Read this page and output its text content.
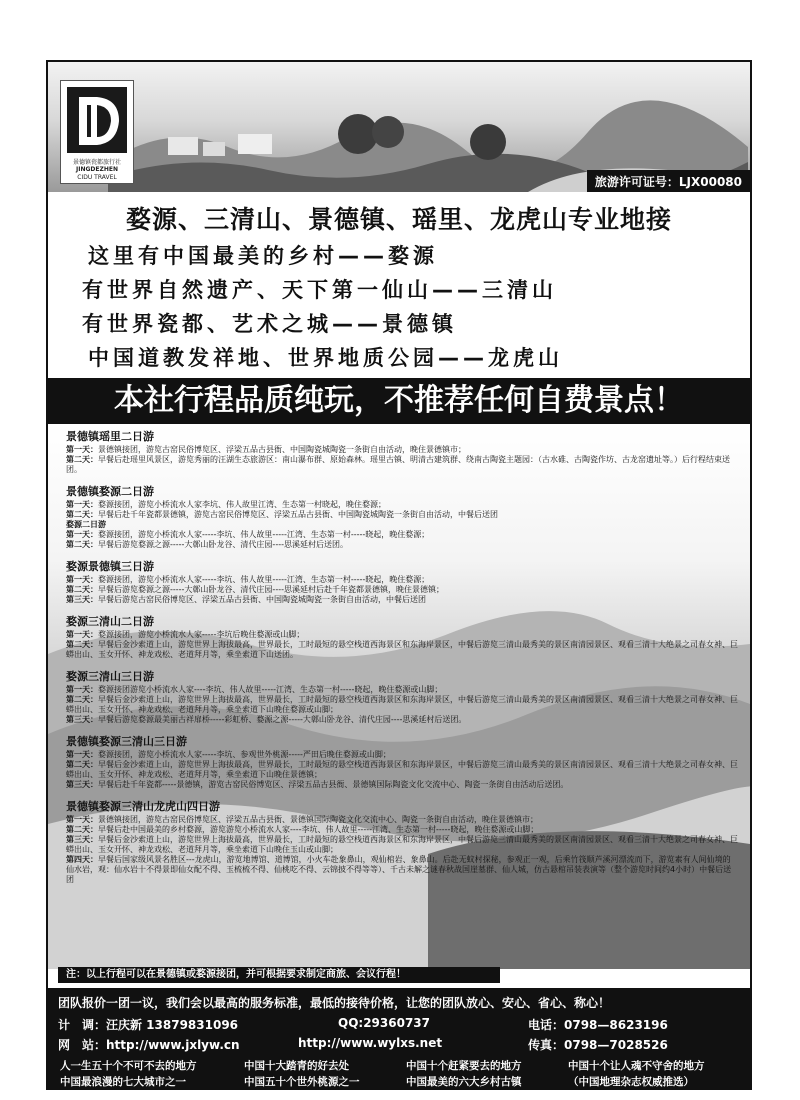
景德镇瓷都旅行社
JINGDEZHEN
CIDU TRAVEL	旅游许可证号：LJX00080
婺源、三清山、景德镇、瑶里、龙虎山专业地接
这里有中国最美的乡村——婺源
有世界自然遗产、天下第一仙山——三清山
有世界瓷都、艺术之城——景德镇
中国道教发祥地、世界地质公园——龙虎山
本社行程品质纯玩，不推荐任何自费景点！
景德镇瑶里二日游

第一天：景德镇接团，游览古窑民俗博览区、浮梁五品古县衙、中国陶瓷城陶瓷一条街自由活动，晚住景德镇市；

第二天：早餐后赴瑶里风景区，游览秀丽的汪湖生态旅游区：南山瀑布群、原始森林。瑶里古镇、明清古建筑群、绕南古陶瓷主题园：（古水碓、古陶瓷作坊、古龙窑遗址等。）后行程结束送团。

景德镇婺源二日游

第一天：婺源接团，游览小桥流水人家李坑、伟人故里江湾、生态第一村晓起，晚住婺源；

第二天：早餐后赴千年瓷都景德镇，游览古窑民俗博览区、浮梁五品古县衙、中国陶瓷城陶瓷一条街自由活动，中餐后送团

婺源二日游

第一天：婺源接团，游览小桥流水人家-----李坑、伟人故里-----江湾、生态第一村-----晓起，晚住婺源；

第二天：早餐后游览婺源之源-----大鄣山卧龙谷、清代庄园----思溪延村后送团。

婺源景德镇三日游

第一天：婺源接团，游览小桥流水人家-----李坑、伟人故里-----江湾、生态第一村-----晓起，晚住婺源；

第二天：早餐后游览婺源之源-----大鄣山卧龙谷、清代庄园----思溪延村后赴千年瓷都景德镇，晚住景德镇；

第三天：早餐后游览古窑民俗博览区、浮梁五品古县衙、中国陶瓷城陶瓷一条街自由活动，中餐后送团

婺源三清山二日游

第一天：婺源接团，游览小桥流水人家-----李坑后晚住婺源或山脚；

第二天：早餐后金沙索道上山，游览世界上海拔最高，世界最长，工时最短的悬空栈道西海景区和东海岸景区，中餐后游览三清山最秀美的景区南清园景区、观看三清十大绝景之司春女神、巨蟒出山、玉女开怀、神龙戏松、老道拜月等，乘坐索道下山送团。

婺源三清山三日游

第一天：婺源接团游览小桥流水人家----李坑、伟人故里-----江湾、生态第一村-----晓起，晚住婺源或山脚；

第二天：早餐后金沙索道上山，游览世界上海拔最高，世界最长，工时最短的悬空栈道西海景区和东海岸景区，中餐后游览三清山最秀美的景区南清园景区、观看三清十大绝景之司春女神、巨蟒出山、玉女开怀、神龙戏松、老道拜月等，乘坐索道下山晚住婺源或山脚；

第三天：早餐后游览婺源最美丽古祥扉桥-----彩虹桥、婺源之源-----大鄣山卧龙谷、清代庄园----思溪延村后送团。

景德镇婺源三清山三日游

第一天：婺源接团，游览小桥流水人家-----李坑、参观世外桃源-----严田后晚住婺源或山脚；

第二天：早餐后金沙索道上山，游览世界上海拔最高，世界最长，工时最短的悬空栈道西海景区和东海岸景区，中餐后游览三清山最秀美的景区南清园景区、观看三清十大绝景之司春女神、巨蟒出山、玉女开怀、神龙戏松、老道拜月等，乘坐索道下山晚住景德镇；

第三天：早餐后赴千年瓷都-----景德镇，游览古窑民俗博览区、浮梁五品古县衙、景德镇国际陶瓷文化交流中心、陶瓷一条街自由活动后送团。

景德镇婺源三清山龙虎山四日游

第一天：景德镇接团，游览古窑民俗博览区、浮梁五品古县衙、景德镇国际陶瓷文化交流中心、陶瓷一条街自由活动，晚住景德镇市；

第二天：早餐后赴中国最美的乡村婺源，游览游览小桥流水人家----李坑、伟人故里-----江湾、生态第一村-----晓起，晚住婺源或山脚；

第三天：早餐后金沙索道上山，游览世界上海拔最高，世界最长，工时最短的悬空栈道西海景区和东海岸景区，中餐后游览三清山最秀美的景区南清园景区、观看三清十大绝景之司春女神、巨蟒出山、玉女开怀、神龙戏松、老道拜月等，乘坐索道下山晚住玉山或山脚；

第四天：早餐后国家级风景名胜区---龙虎山，游览地博馆、道博馆，小火车赴象鼻山，观仙棺岩、象鼻山。后赴无蚊村探秘，参观正一观，后乘竹筏顺芦溪河漂流而下，游览素有人间仙境的仙水岩，观：仙水岩十不得景即仙女配不得、玉梳梳不得、仙桃吃不得、云锦披不得等等）、千古未解之谜春秋战国崖墓群、仙人城，仿古悬棺吊装表演等（整个游览时间约4小时）中餐后送团

注：以上行程可以在景德镇或婺源接团，并可根据要求制定商旅、会议行程！
团队报价一团一议，我们会以最高的服务标准，最低的接待价格，让您的团队放心、安心、省心、称心！
计　调：汪庆新 13879831096	QQ:29360737	电话：0798—8623196
网　站：http://www.jxlyw.cn	http://www.wylxs.net	传真：0798—7028526
人一生五十个不可不去的地方	中国十大踏青的好去处	中国十个赶紧要去的地方	中国十个让人魂不守舍的地方
中国最浪漫的七大城市之一	中国五十个世外桃源之一	中国最美的六大乡村古镇	（中国地理杂志权威推选）
